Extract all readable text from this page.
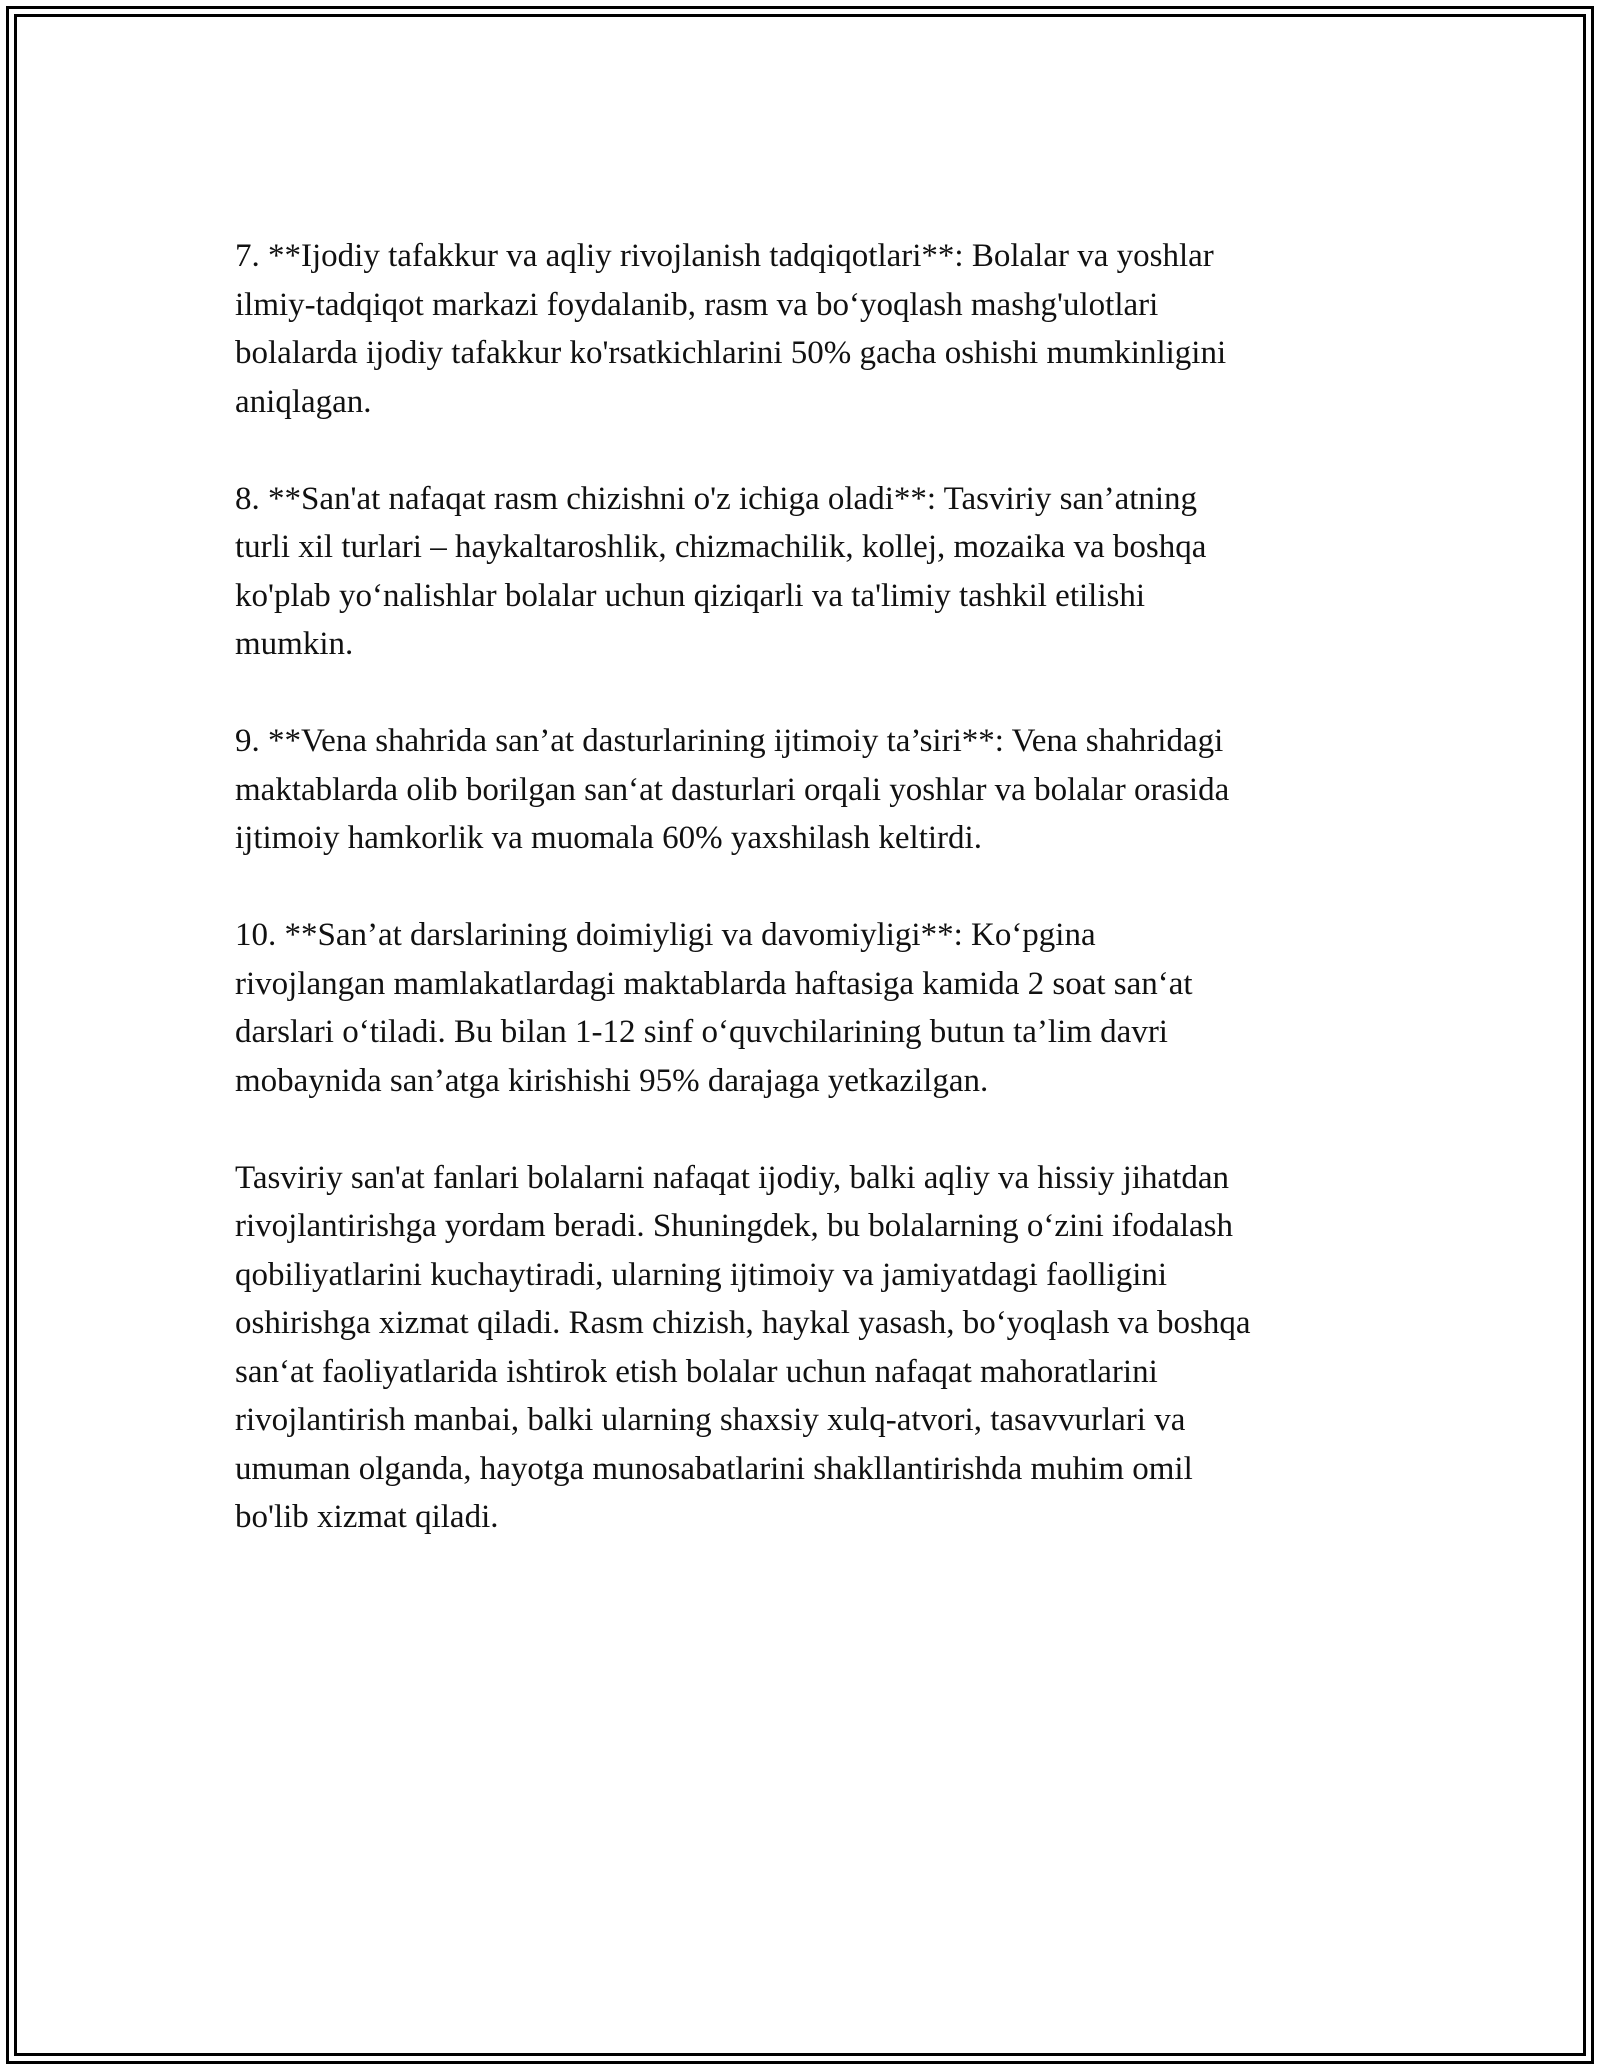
7. **Ijodiy tafakkur va aqliy rivojlanish tadqiqotlari**: Bolalar va yoshlar
ilmiy-tadqiqot markazi foydalanib, rasm va bo‘yoqlash mashg'ulotlari
bolalarda ijodiy tafakkur ko'rsatkichlarini 50% gacha oshishi mumkinligini
aniqlagan.

8. **San'at nafaqat rasm chizishni o'z ichiga oladi**: Tasviriy san’atning
turli xil turlari – haykaltaroshlik, chizmachilik, kollej, mozaika va boshqa
ko'plab yo‘nalishlar bolalar uchun qiziqarli va ta'limiy tashkil etilishi
mumkin.

9. **Vena shahrida san’at dasturlarining ijtimoiy ta’siri**: Vena shahridagi
maktablarda olib borilgan san‘at dasturlari orqali yoshlar va bolalar orasida
ijtimoiy hamkorlik va muomala 60% yaxshilash keltirdi.

10. **San’at darslarining doimiyligi va davomiyligi**: Ko‘pgina
rivojlangan mamlakatlardagi maktablarda haftasiga kamida 2 soat san‘at
darslari o‘tiladi. Bu bilan 1-12 sinf o‘quvchilarining butun ta’lim davri
mobaynida san’atga kirishishi 95% darajaga yetkazilgan.

Tasviriy san'at fanlari bolalarni nafaqat ijodiy, balki aqliy va hissiy jihatdan
rivojlantirishga yordam beradi. Shuningdek, bu bolalarning o‘zini ifodalash
qobiliyatlarini kuchaytiradi, ularning ijtimoiy va jamiyatdagi faolligini
oshirishga xizmat qiladi. Rasm chizish, haykal yasash, bo‘yoqlash va boshqa
san‘at faoliyatlarida ishtirok etish bolalar uchun nafaqat mahoratlarini
rivojlantirish manbai, balki ularning shaxsiy xulq-atvori, tasavvurlari va
umuman olganda, hayotga munosabatlarini shakllantirishda muhim omil
bo'lib xizmat qiladi.
